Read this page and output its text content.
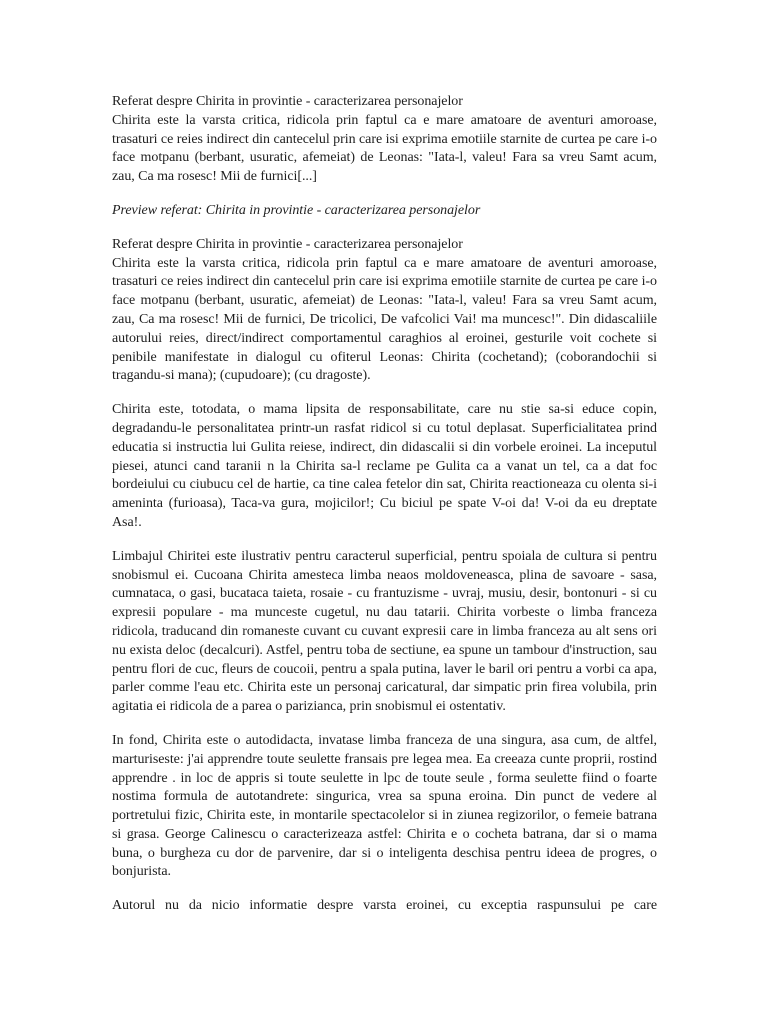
Referat despre Chirita in provintie - caracterizarea personajelor
Chirita este la varsta critica, ridicola prin faptul ca e mare amatoare de aventuri amoroase, trasaturi ce reies indirect din cantecelul prin care isi exprima emotiile starnite de curtea pe care i-o face motpanu (berbant, usuratic, afemeiat) de Leonas: "Iata-l, valeu! Fara sa vreu Samt acum, zau, Ca ma rosesc! Mii de furnici[...]

Preview referat: Chirita in provintie - caracterizarea personajelor

Referat despre Chirita in provintie - caracterizarea personajelor
Chirita este la varsta critica, ridicola prin faptul ca e mare amatoare de aventuri amoroase, trasaturi ce reies indirect din cantecelul prin care isi exprima emotiile starnite de curtea pe care i-o face motpanu (berbant, usuratic, afemeiat) de Leonas: "Iata-l, valeu! Fara sa vreu Samt acum, zau, Ca ma rosesc! Mii de furnici, De tricolici, De vafcolici Vai! ma muncesc!". Din didascaliile autorului reies, direct/indirect comportamentul caraghios al eroinei, gesturile voit cochete si penibile manifestate in dialogul cu ofiterul Leonas: Chirita (cochetand); (coborandochii si tragandu-si mana); (cupudoare); (cu dragoste).

Chirita este, totodata, o mama lipsita de responsabilitate, care nu stie sa-si educe copin, degradandu-le personalitatea printr-un rasfat ridicol si cu totul deplasat. Superficialitatea prind educatia si instructia lui Gulita reiese, indirect, din didascalii si din vorbele eroinei. La inceputul piesei, atunci cand taranii n la Chirita sa-l reclame pe Gulita ca a vanat un tel, ca a dat foc bordeiului cu ciubucu cel de hartie, ca tine calea fetelor din sat, Chirita reactioneaza cu olenta si-i ameninta (furioasa), Taca-va gura, mojicilor!; Cu biciul pe spate V-oi da! V-oi da eu dreptate Asa!.

Limbajul Chiritei este ilustrativ pentru caracterul superficial, pentru spoiala de cultura si pentru snobismul ei. Cucoana Chirita amesteca limba neaos moldoveneasca, plina de savoare - sasa, cumnataca, o gasi, bucataca taieta, rosaie - cu frantuzisme - uvraj, musiu, desir, bontonuri - si cu expresii populare - ma munceste cugetul, nu dau tatarii. Chirita vorbeste o limba franceza ridicola, traducand din romaneste cuvant cu cuvant expresii care in limba franceza au alt sens ori nu exista deloc (decalcuri). Astfel, pentru toba de sectiune, ea spune un tambour d'instruction, sau pentru flori de cuc, fleurs de coucoii, pentru a spala putina, laver le baril ori pentru a vorbi ca apa, parler comme l'eau etc. Chirita este un personaj caricatural, dar simpatic prin firea volubila, prin agitatia ei ridicola de a parea o parizianca, prin snobismul ei ostentativ.

In fond, Chirita este o autodidacta, invatase limba franceza de una singura, asa cum, de altfel, marturiseste: j'ai apprendre toute seulette fransais pre legea mea. Ea creeaza cunte proprii, rostind apprendre . in loc de appris si toute seulette in lpc de toute seule , forma seulette fiind o foarte nostima formula de autotandrete: singurica, vrea sa spuna eroina. Din punct de vedere al portretului fizic, Chirita este, in montarile spectacolelor si in ziunea regizorilor, o femeie batrana si grasa. George Calinescu o caracterizeaza astfel: Chirita e o cocheta batrana, dar si o mama buna, o burgheza cu dor de parvenire, dar si o inteligenta deschisa pentru ideea de progres, o bonjurista.

Autorul nu da nicio informatie despre varsta eroinei, cu exceptia raspunsului pe care
